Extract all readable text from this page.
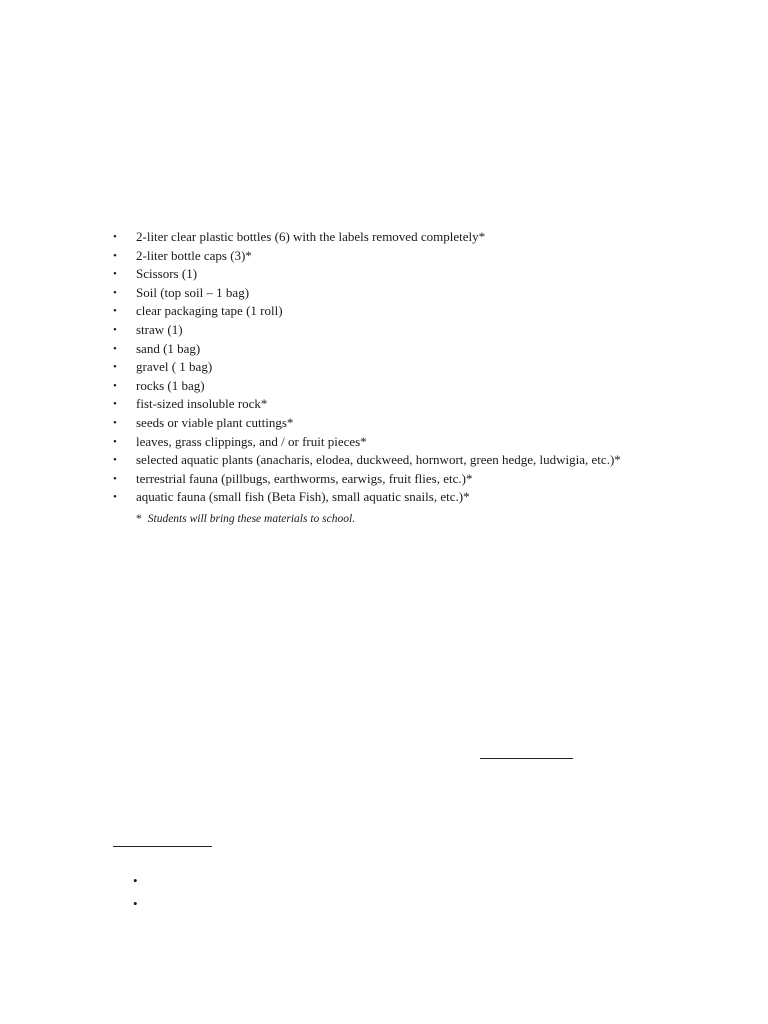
• 2-liter clear plastic bottles (6) with the labels removed completely*
• 2-liter bottle caps (3)*
• Scissors (1)
• Soil (top soil – 1 bag)
• clear packaging tape (1 roll)
• straw (1)
• sand (1 bag)
• gravel ( 1 bag)
• rocks (1 bag)
• fist-sized insoluble rock*
• seeds or viable plant cuttings*
• leaves, grass clippings, and / or fruit pieces*
• selected aquatic plants (anacharis, elodea, duckweed, hornwort, green hedge, ludwigia, etc.)*
• terrestrial fauna (pillbugs, earthworms, earwigs, fruit flies, etc.)*
• aquatic fauna (small fish (Beta Fish), small aquatic snails, etc.)*
* Students will bring these materials to school.
•
•
